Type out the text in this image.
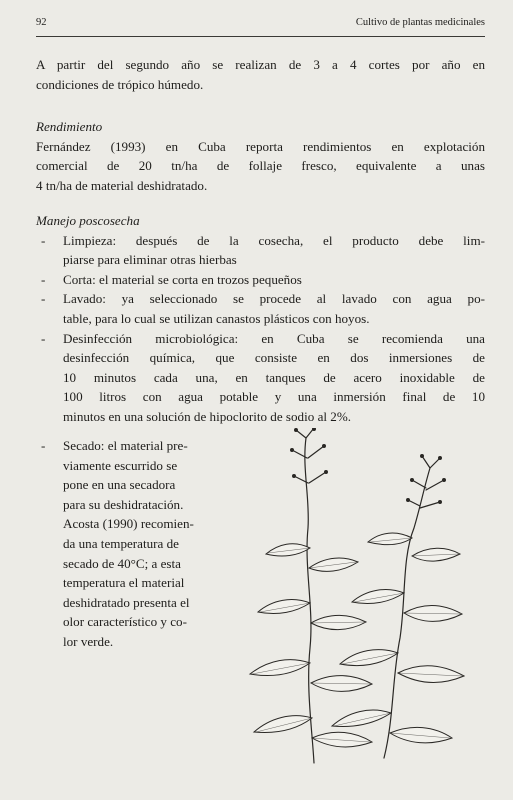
92	Cultivo de plantas medicinales

A partir del segundo año se realizan de 3 a 4 cortes por año en

condiciones de trópico húmedo.

Rendimiento

Fernández (1993) en Cuba reporta rendimientos en explotación

comercial de 20 tn/ha de follaje fresco, equivalente a unas

4 tn/ha de material deshidratado.

Manejo poscosecha

- Limpieza: después de la cosecha, el producto debe lim-

piarse para eliminar otras hierbas

- Corta: el material se corta en trozos pequeños

- Lavado: ya seleccionado se procede al lavado con agua po-

table, para lo cual se utilizan canastos plásticos con hoyos.

- Desinfección microbiológica: en Cuba se recomienda una

desinfección química, que consiste en dos inmersiones de

10 minutos cada una, en tanques de acero inoxidable de

100 litros con agua potable y una inmersión final de 10

minutos en una solución de hipoclorito de sodio al 2%.

- Secado: el material pre-

viamente escurrido se

pone en una secadora

para su deshidratación.

Acosta (1990) recomien-

da una temperatura de

secado de 40°C; a esta

temperatura el material

deshidratado presenta el

olor característico y co-

lor verde.
